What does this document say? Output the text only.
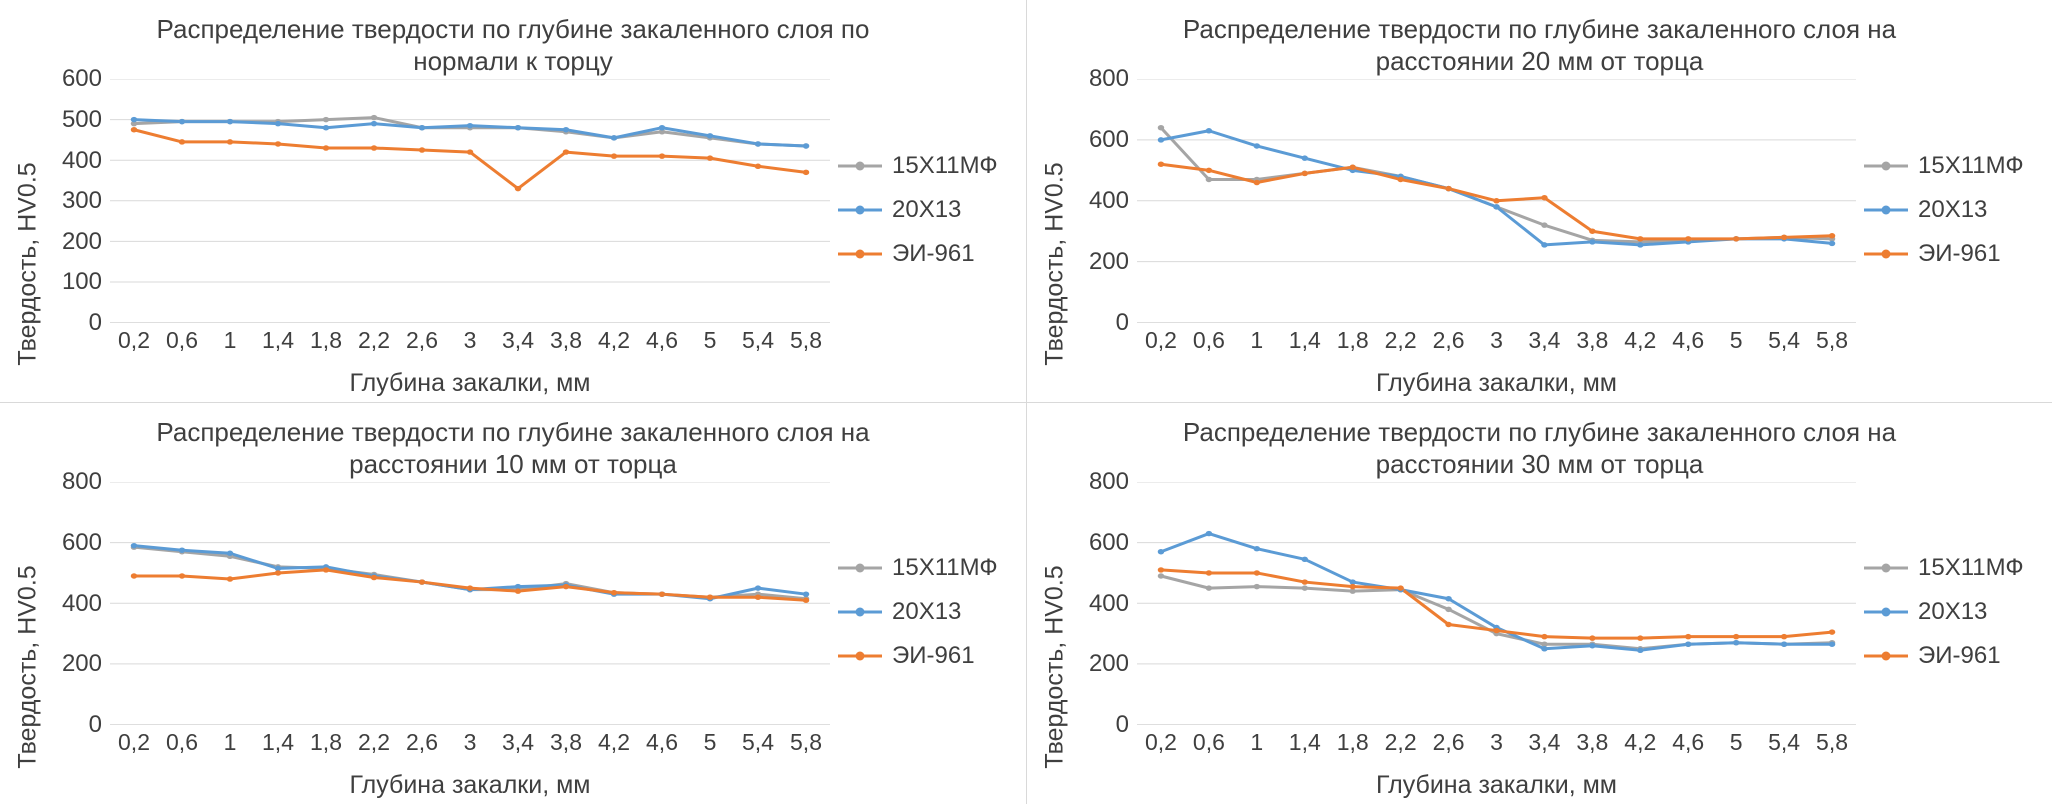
Распределение твердости по глубине закаленного слоя по нормали к торцу
Твердость, HV0.5 0
100
200
300
400
500
600
0,2 0,6 1 1,4 1,8 2,2 2,6 3 3,4 3,8 4,2 4,6 5 5,4 5,8
Глубина закалки, мм
15Х11МФ
20Х13
ЭИ-961
Распределение твердости по глубине закаленного слоя на расстоянии 20 мм от торца
Твердость, HV0.5 0
200
400
600
800
0,2 0,6 1 1,4 1,8 2,2 2,6 3 3,4 3,8 4,2 4,6 5 5,4 5,8
Глубина закалки, мм
15Х11МФ
20Х13
ЭИ-961
Распределение твердости по глубине закаленного слоя на расстоянии 10 мм от торца
Твердость, HV0.5 0
200
400
600
800
0,2 0,6 1 1,4 1,8 2,2 2,6 3 3,4 3,8 4,2 4,6 5 5,4 5,8
Глубина закалки, мм
15Х11МФ
20Х13
ЭИ-961
Распределение твердости по глубине закаленного слоя на расстоянии 30 мм от торца
Твердость, HV0.5 0
200
400
600
800
0,2 0,6 1 1,4 1,8 2,2 2,6 3 3,4 3,8 4,2 4,6 5 5,4 5,8
Глубина закалки, мм
15Х11МФ
20Х13
ЭИ-961
